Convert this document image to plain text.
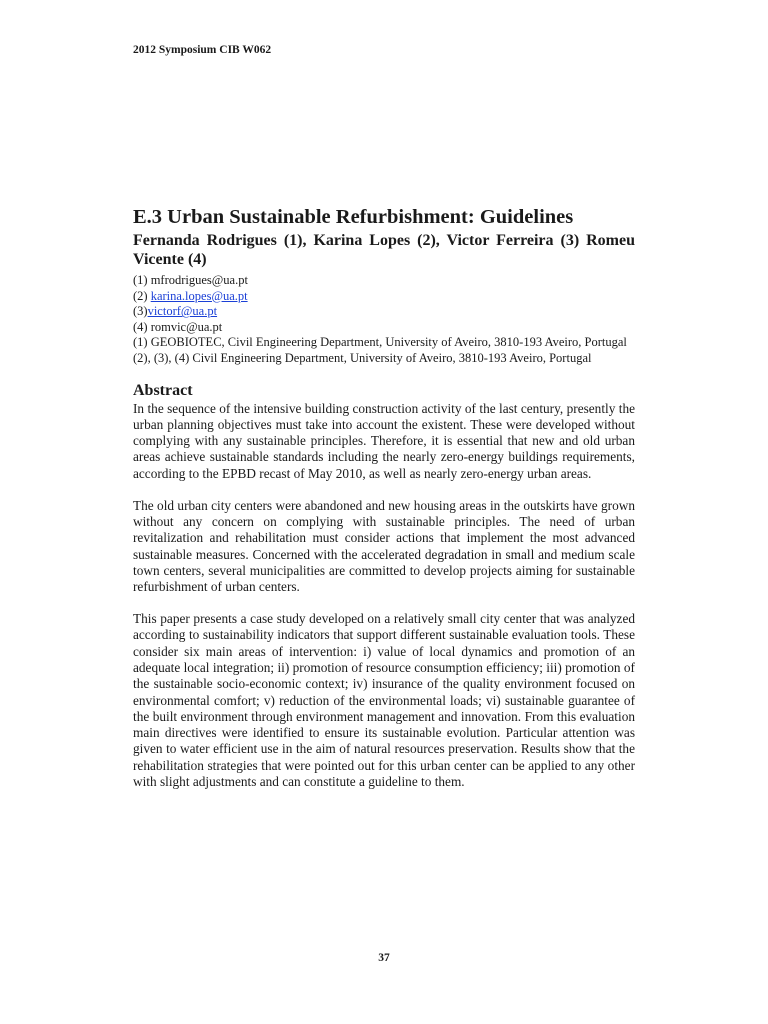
2012 Symposium CIB W062
E.3 Urban Sustainable Refurbishment: Guidelines
Fernanda Rodrigues (1), Karina Lopes (2), Victor Ferreira (3) Romeu Vicente (4)
(1) mfrodrigues@ua.pt
(2) karina.lopes@ua.pt
(3)victorf@ua.pt
(4) romvic@ua.pt
(1) GEOBIOTEC, Civil Engineering Department, University of Aveiro, 3810-193 Aveiro, Portugal
(2), (3), (4) Civil Engineering Department, University of Aveiro, 3810-193 Aveiro, Portugal
Abstract

In the sequence of the intensive building construction activity of the last century, presently the urban planning objectives must take into account the existent. These were developed without complying with any sustainable principles. Therefore, it is essential that new and old urban areas achieve sustainable standards including the nearly zero-energy buildings requirements, according to the EPBD recast of May 2010, as well as nearly zero-energy urban areas.

The old urban city centers were abandoned and new housing areas in the outskirts have grown without any concern on complying with sustainable principles. The need of urban revitalization and rehabilitation must consider actions that implement the most advanced sustainable measures. Concerned with the accelerated degradation in small and medium scale town centers, several municipalities are committed to develop projects aiming for sustainable refurbishment of urban centers.

This paper presents a case study developed on a relatively small city center that was analyzed according to sustainability indicators that support different sustainable evaluation tools. These consider six main areas of intervention: i) value of local dynamics and promotion of an adequate local integration; ii) promotion of resource consumption efficiency; iii) promotion of the sustainable socio-economic context; iv) insurance of the quality environment focused on environmental comfort; v) reduction of the environmental loads; vi) sustainable guarantee of the built environment through environment management and innovation. From this evaluation main directives were identified to ensure its sustainable evolution. Particular attention was given to water efficient use in the aim of natural resources preservation. Results show that the rehabilitation strategies that were pointed out for this urban center can be applied to any other with slight adjustments and can constitute a guideline to them.

37
